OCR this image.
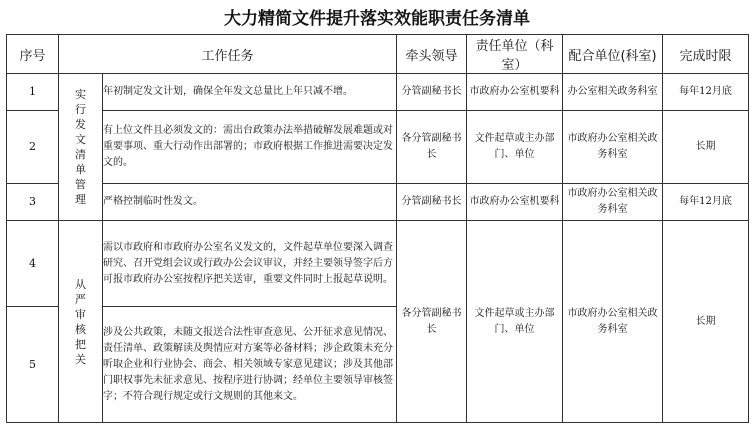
大力精简文件提升落实效能职责任务清单
序号	工作任务		牵头领导	责任单位（科室）	配合单位(科室)	完成时限
1	实行发文清单管理	年初制定发文计划，确保全年发文总量比上年只减不增。	分管副秘书长	市政府办公室机要科	办公室相关政务科室	每年12月底
2		有上位文件且必须发文的：需出台政策办法举措破解发展难题或对重要事项、重大行动作出部署的；市政府根据工作推进需要决定发文的。	各分管副秘书长	文件起草或主办部门、单位	市政府办公室相关政务科室	长期
3		严格控制临时性发文。	分管副秘书长	市政府办公室机要科	市政府办公室相关政务科室	每年12月底
4	从严审核把关	需以市政府和市政府办公室名义发文的，文件起草单位要深入调查研究、召开党组会议或行政办公会议审议，并经主要领导签字后方可报市政府办公室按程序把关送审，重要文件同时上报起草说明。	各分管副秘书长	文件起草或主办部门、单位	市政府办公室相关政务科室	长期
5		涉及公共政策，未随文报送合法性审查意见、公开征求意见情况、责任清单、政策解读及舆情应对方案等必备材料；涉企政策未充分听取企业和行业协会、商会、相关领域专家意见建议；涉及其他部门职权事先未征求意见、按程序进行协调；经单位主要领导审核签字；不符合现行规定或行文规则的其他来文。				
